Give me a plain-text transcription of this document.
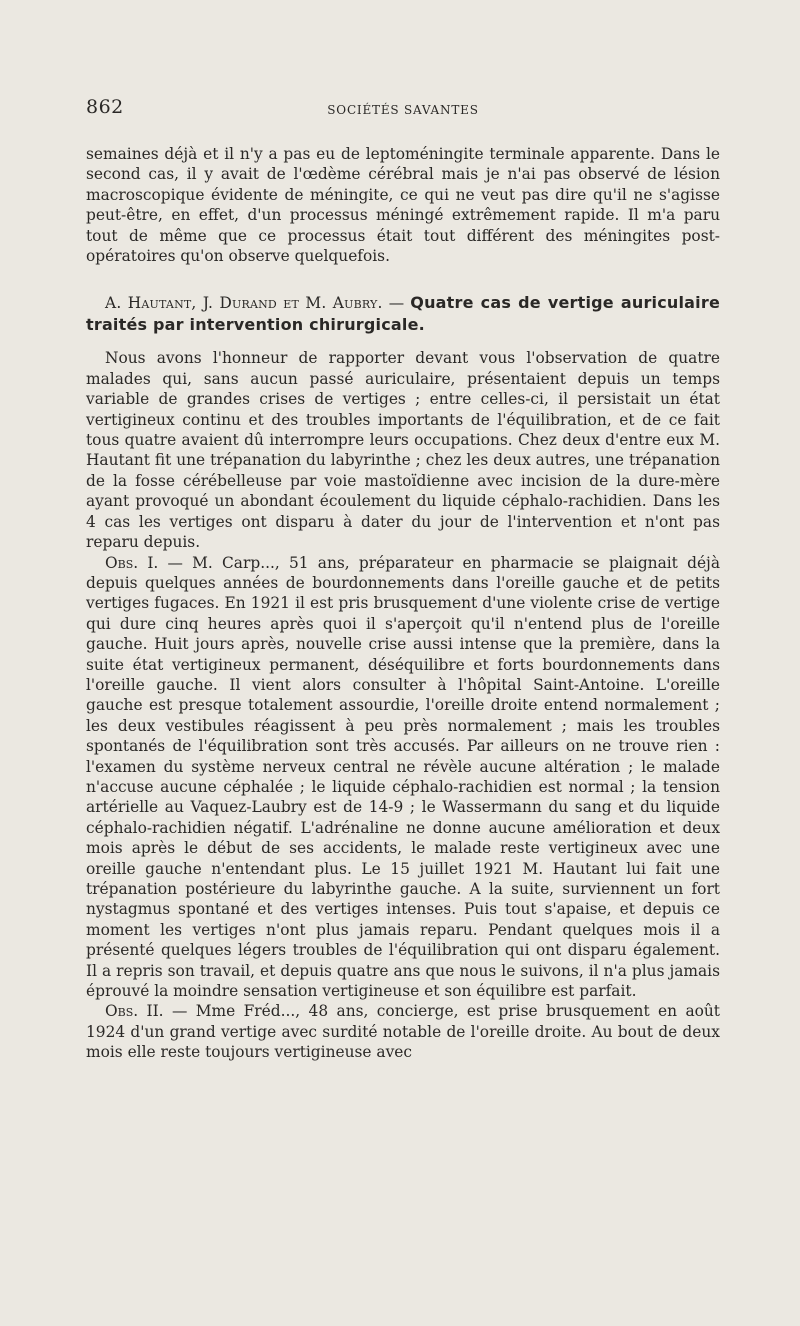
862	SOCIÉTÉS SAVANTES

semaines déjà et il n'y a pas eu de leptoméningite terminale apparente. Dans le second cas, il y avait de l'œdème cérébral mais je n'ai pas observé de lésion macroscopique évidente de méningite, ce qui ne veut pas dire qu'il ne s'agisse peut-être, en effet, d'un processus méningé extrêmement rapide. Il m'a paru tout de même que ce processus était tout différent des méningites post-opératoires qu'on observe quelquefois.

A. Hautant, J. Durand et M. Aubry. — Quatre cas de vertige auriculaire traités par intervention chirurgicale.

Nous avons l'honneur de rapporter devant vous l'observation de quatre malades qui, sans aucun passé auriculaire, présentaient depuis un temps variable de grandes crises de vertiges ; entre celles-ci, il persistait un état vertigineux continu et des troubles importants de l'équilibration, et de ce fait tous quatre avaient dû interrompre leurs occupations. Chez deux d'entre eux M. Hautant fit une trépanation du labyrinthe ; chez les deux autres, une trépanation de la fosse cérébelleuse par voie mastoïdienne avec incision de la dure-mère ayant provoqué un abondant écoulement du liquide céphalo-rachidien. Dans les 4 cas les vertiges ont disparu à dater du jour de l'intervention et n'ont pas reparu depuis.

Obs. I. — M. Carp..., 51 ans, préparateur en pharmacie se plaignait déjà depuis quelques années de bourdonnements dans l'oreille gauche et de petits vertiges fugaces. En 1921 il est pris brusquement d'une violente crise de vertige qui dure cinq heures après quoi il s'aperçoit qu'il n'entend plus de l'oreille gauche. Huit jours après, nouvelle crise aussi intense que la première, dans la suite état vertigineux permanent, déséquilibre et forts bourdonnements dans l'oreille gauche. Il vient alors consulter à l'hôpital Saint-Antoine. L'oreille gauche est presque totalement assourdie, l'oreille droite entend normalement ; les deux vestibules réagissent à peu près normalement ; mais les troubles spontanés de l'équilibration sont très accusés. Par ailleurs on ne trouve rien : l'examen du système nerveux central ne révèle aucune altération ; le malade n'accuse aucune céphalée ; le liquide céphalo-rachidien est normal ; la tension artérielle au Vaquez-Laubry est de 14-9 ; le Wassermann du sang et du liquide céphalo-rachidien négatif. L'adrénaline ne donne aucune amélioration et deux mois après le début de ses accidents, le malade reste vertigineux avec une oreille gauche n'entendant plus. Le 15 juillet 1921 M. Hautant lui fait une trépanation postérieure du labyrinthe gauche. A la suite, surviennent un fort nystagmus spontané et des vertiges intenses. Puis tout s'apaise, et depuis ce moment les vertiges n'ont plus jamais reparu. Pendant quelques mois il a présenté quelques légers troubles de l'équilibration qui ont disparu également. Il a repris son travail, et depuis quatre ans que nous le suivons, il n'a plus jamais éprouvé la moindre sensation vertigineuse et son équilibre est parfait.

Obs. II. — Mme Fréd..., 48 ans, concierge, est prise brusquement en août 1924 d'un grand vertige avec surdité notable de l'oreille droite. Au bout de deux mois elle reste toujours vertigineuse avec
